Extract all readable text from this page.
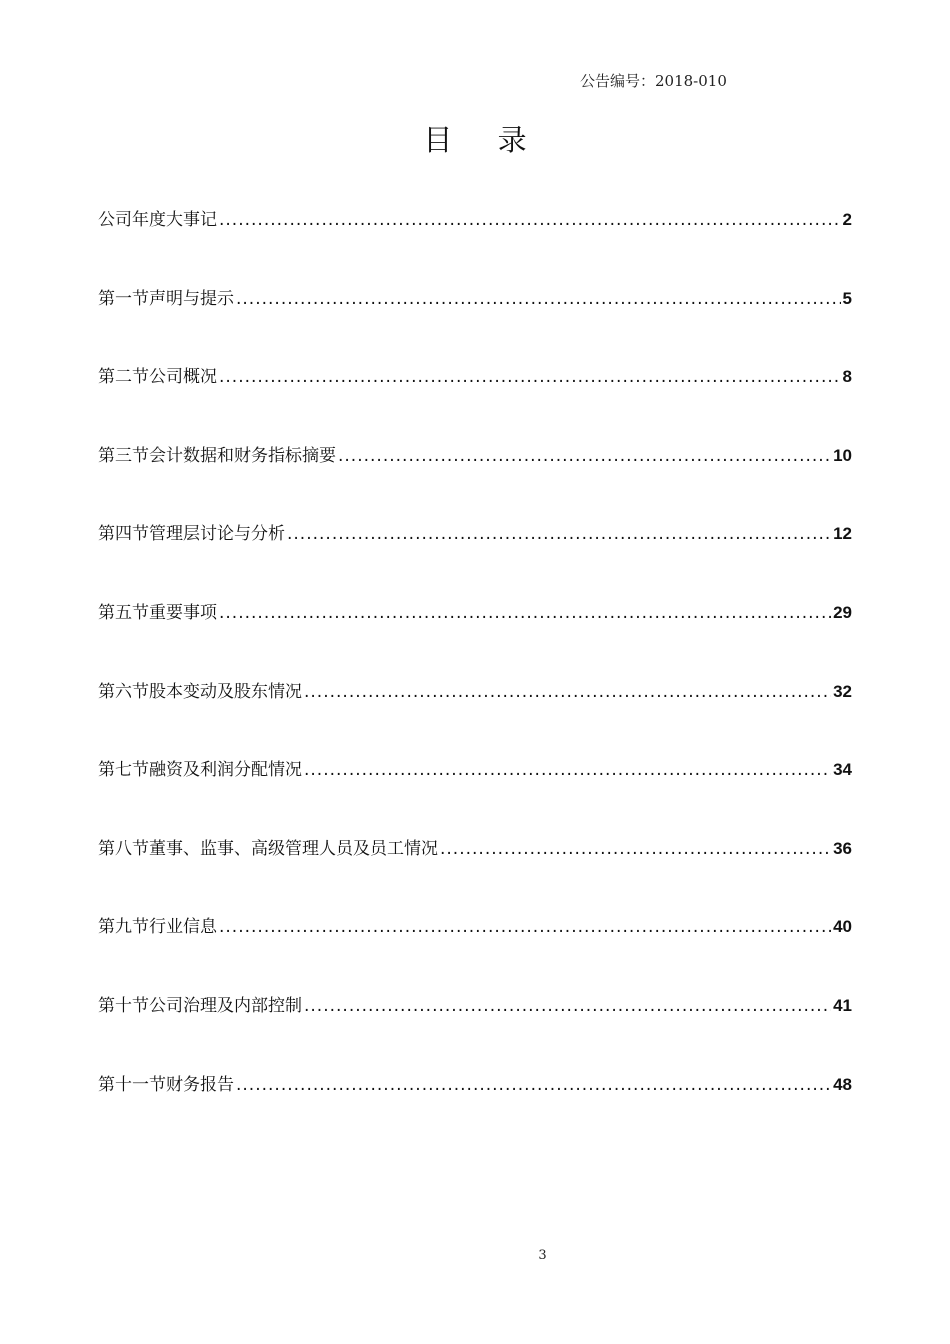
公告编号：2018-010
目 录
公司年度大事记 .....	2
第一节 声明与提示 .....	5
第二节 公司概况 .....	8
第三节 会计数据和财务指标摘要 .....	10
第四节 管理层讨论与分析 .....	12
第五节 重要事项 .....	29
第六节 股本变动及股东情况 .....	32
第七节 融资及利润分配情况 .....	34
第八节 董事、监事、高级管理人员及员工情况 .....	36
第九节 行业信息 .....	40
第十节 公司治理及内部控制 .....	41
第十一节 财务报告 .....	48
3
